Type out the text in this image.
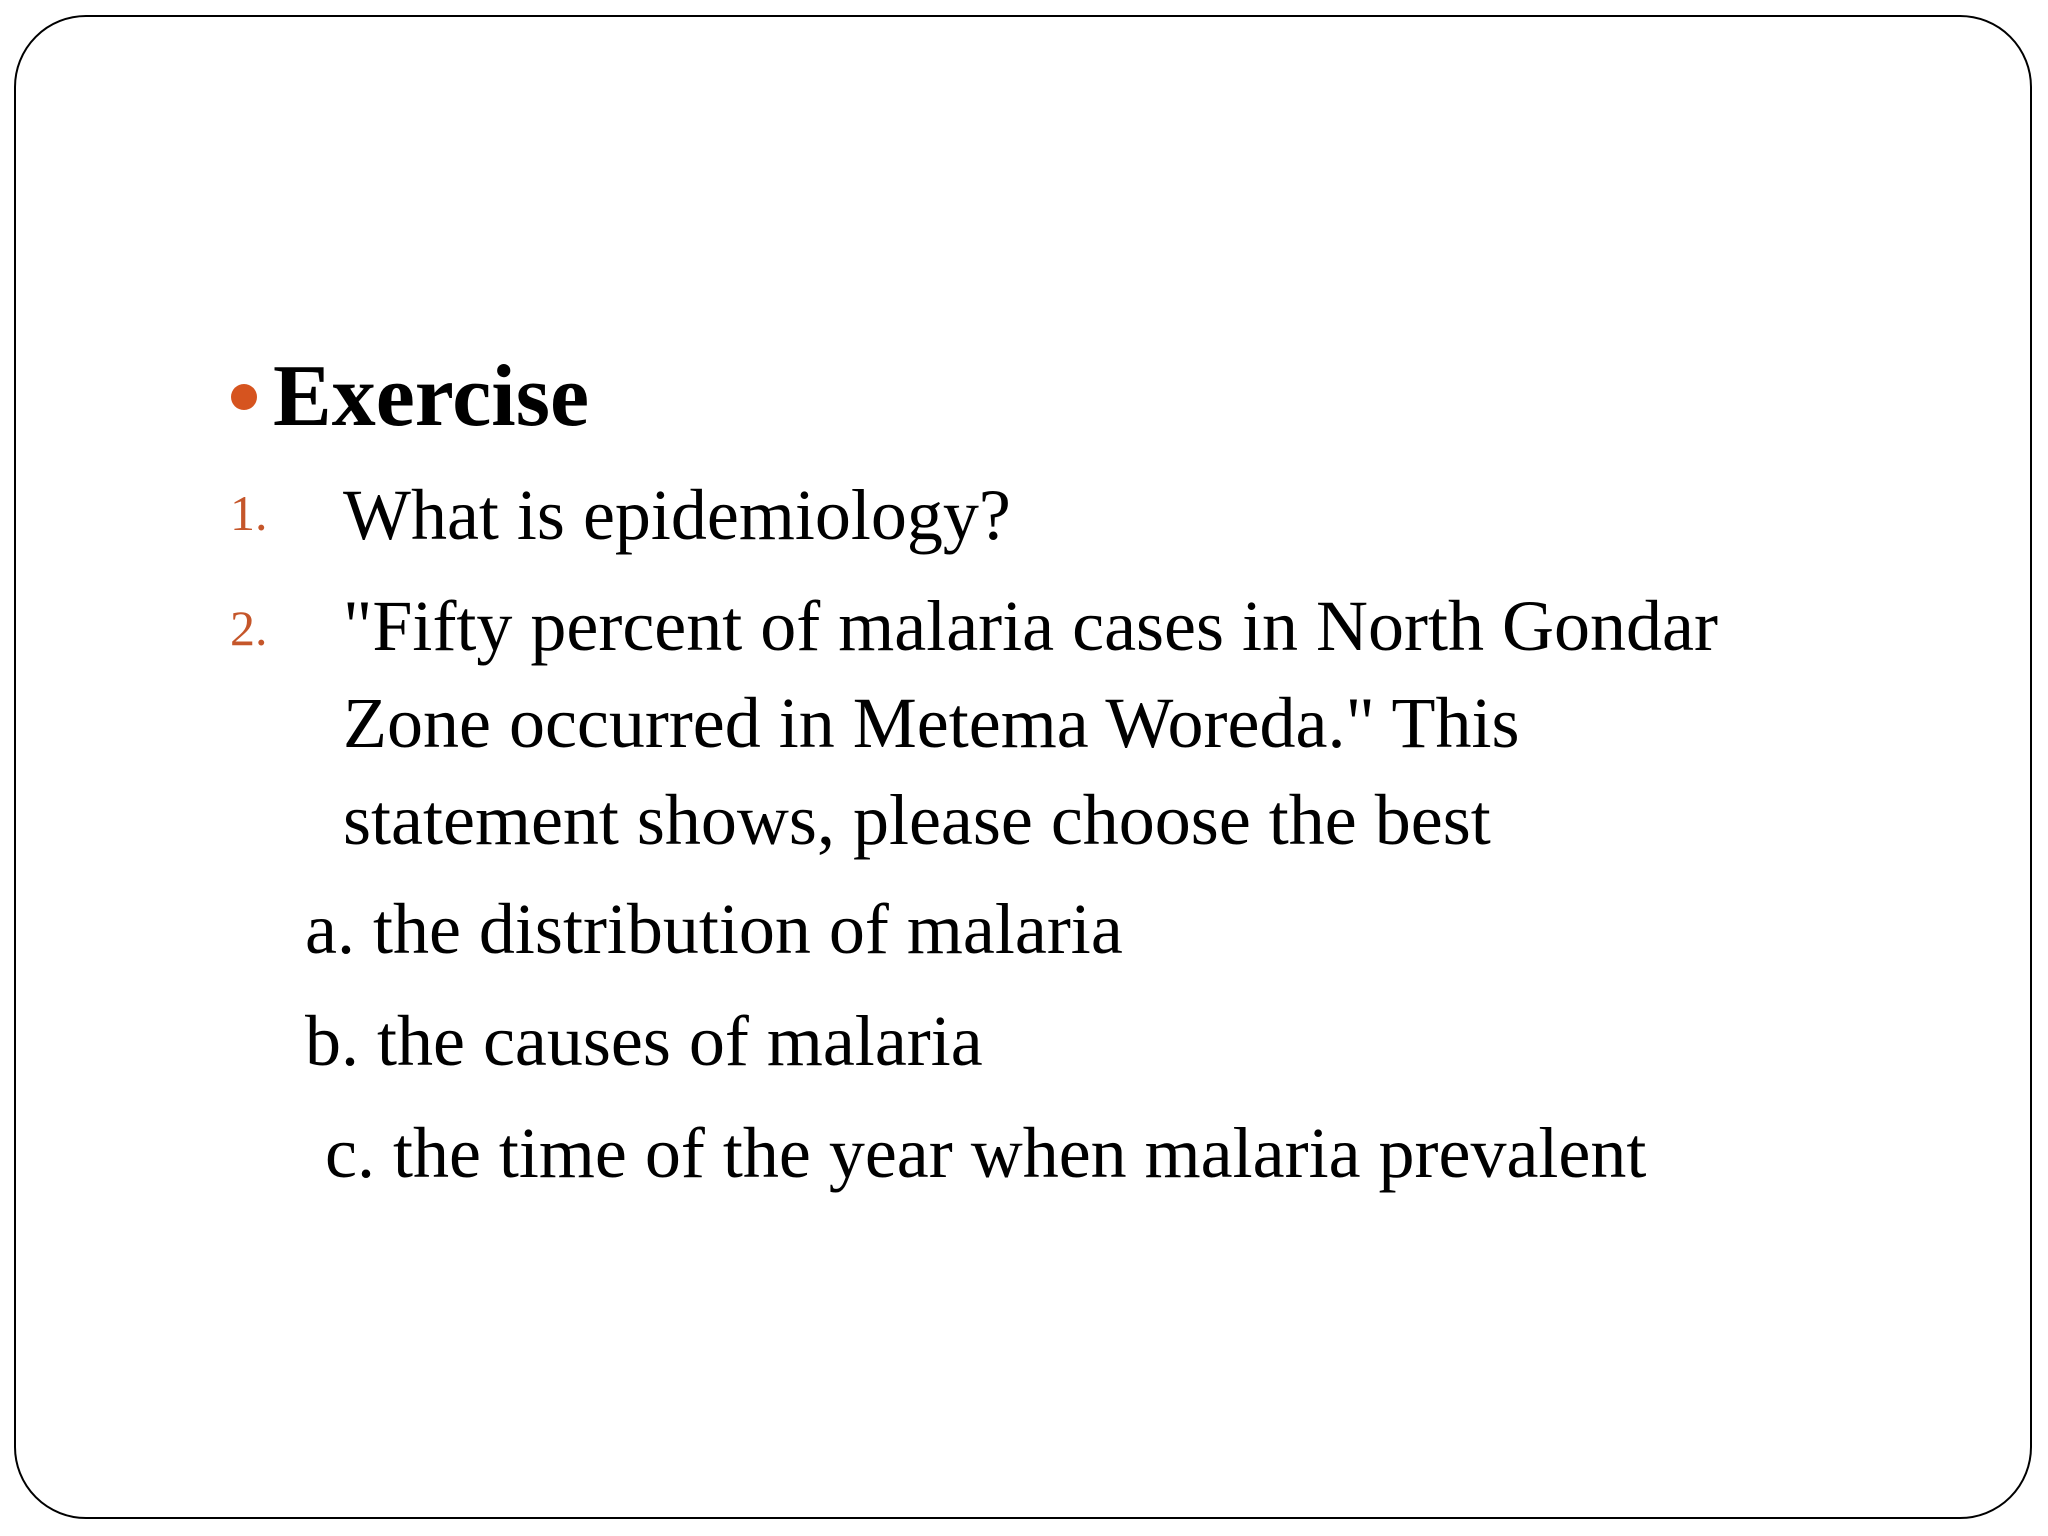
Exercise
1. What is epidemiology?
2. "Fifty percent of malaria cases in North Gondar
Zone occurred in Metema Woreda." This
statement shows, please choose the best
a. the distribution of malaria
b. the causes of malaria
c. the time of the year when malaria prevalent
